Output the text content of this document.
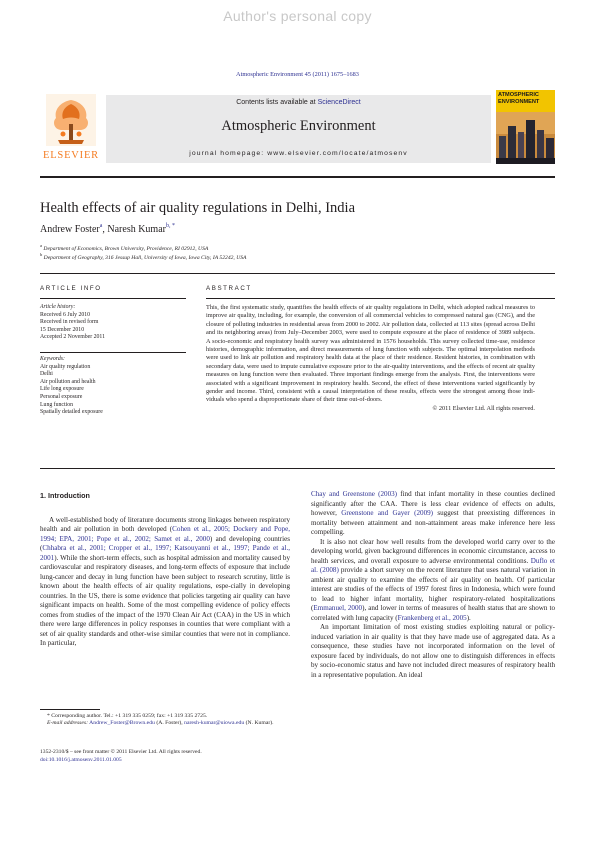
Author's personal copy
Atmospheric Environment 45 (2011) 1675–1683
ELSEVIER
Contents lists available at ScienceDirect
Atmospheric Environment
journal homepage: www.elsevier.com/locate/atmosenv
ATMOSPHERIC ENVIRONMENT
Health effects of air quality regulations in Delhi, India
Andrew Foster$^a$, Naresh Kumar$^{b, *}$
$^a$ Department of Economics, Brown University, Providence, RI 02912, USA
$^b$ Department of Geography, 316 Jessup Hall, University of Iowa, Iowa City, IA 52242, USA
ARTICLE INFO
Article history:
Received 6 July 2010
Received in revised form
15 December 2010
Accepted 2 November 2011
Keywords:
Air quality regulation
Delhi
Air pollution and health
Life long exposure
Personal exposure
Lung function
Spatially detailed exposure
ABSTRACT
This, the first systematic study, quantifies the health effects of air quality regulations in Delhi, which adopted radical measures to improve air quality, including, for example, the conversion of all commercial vehicles to compressed natural gas (CNG), and the closure of polluting industries in residential areas from 2000 to 2002. Air pollution data, collected at 113 sites (spread across Delhi and its neighboring areas) from July–December 2003, were used to compute exposure at the place of residence of 3989 subjects. A socio-economic and respiratory health survey was administered in 1576 households. This survey collected time-use, residence histories, demographic information, and direct measurements of lung function with subjects. The optimal interpolation methods were used to link air pollution and respiratory health data at the place of their residence. Resident histories, in combination with secondary data, were used to impute cumulative exposure prior to the air-quality interventions, and the effects of recent air quality measures on lung function were then evaluated. Three important findings emerge from the analysis. First, the interventions were associated with a significant improvement in respiratory health. Second, the effect of these interventions varied significantly by gender and income. Third, consistent with a causal interpretation of these results, effects were the strongest among those indi-viduals who spend a disproportionate share of their time out-of-doors.
© 2011 Elsevier Ltd. All rights reserved.
1. Introduction

A well-established body of literature documents strong linkages between respiratory health and air pollution in both developed (Cohen et al., 2005; Dockery and Pope, 1994; EPA, 2001; Pope et al., 2002; Samet et al., 2000) and developing countries (Chhabra et al., 2001; Cropper et al., 1997; Katsouyanni et al., 1997; Pande et al., 2001). While the short-term effects, such as hospital admission and mortality caused by cardiovascular and respiratory diseases, and long-term effects of exposure that include lung-cancer and decay in lung function have been subject to research scrutiny, little is known about the health effects of air quality regulations, espe-cially in developing countries. In the US, there is some evidence that policies targeting air quality can have significant impacts on health. Some of the most compelling evidence of policy effects comes from studies of the impact of the 1970 Clean Air Act (CAA) in the US in which there were large differences in policy responses in counties that were compliant with a set of air quality standards and other-wise similar counties that were not in compliance. In particular,

Chay and Greenstone (2003) find that infant mortality in these counties declined significantly after the CAA. There is less clear evidence of effects on adults, however, Greenstone and Gayer (2009) suggest that preexisting differences in mortality between attainment and non-attainment areas make inference here less compelling.

It is also not clear how well results from the developed world carry over to the developing world, given background differences in economic circumstance, access to health services, and overall exposure to adverse environmental conditions. Duflo et al. (2008) provide a short survey on the recent literature that uses natural variation in ambient air quality to examine the effects of air quality on health. Of particular interest are studies of the effects of 1997 forest fires in Indonesia, which were found to lead to higher infant mortality, higher respiratory-related hospitalizations (Emmanuel, 2000), and lower in terms of measures of health status that are shown to correlated with lung capacity (Frankenberg et al., 2005).

An important limitation of most existing studies exploiting natural or policy-induced variation in air quality is that they have made use of aggregated data. As a consequence, these studies have not incorporated information on the level of exposure faced by individuals, do not allow one to distinguish differences in effects by socio-economic status and have not included direct measures of respiratory health in a representative population. An ideal

* Corresponding author. Tel.: +1 319 335 0259; fax: +1 319 335 2725.
E-mail addresses: Andrew_Foster@Brown.edu (A. Foster), naresh-kumar@uiowa.edu (N. Kumar).
1352-2310/$ – see front matter © 2011 Elsevier Ltd. All rights reserved.
doi:10.1016/j.atmosenv.2011.01.005
